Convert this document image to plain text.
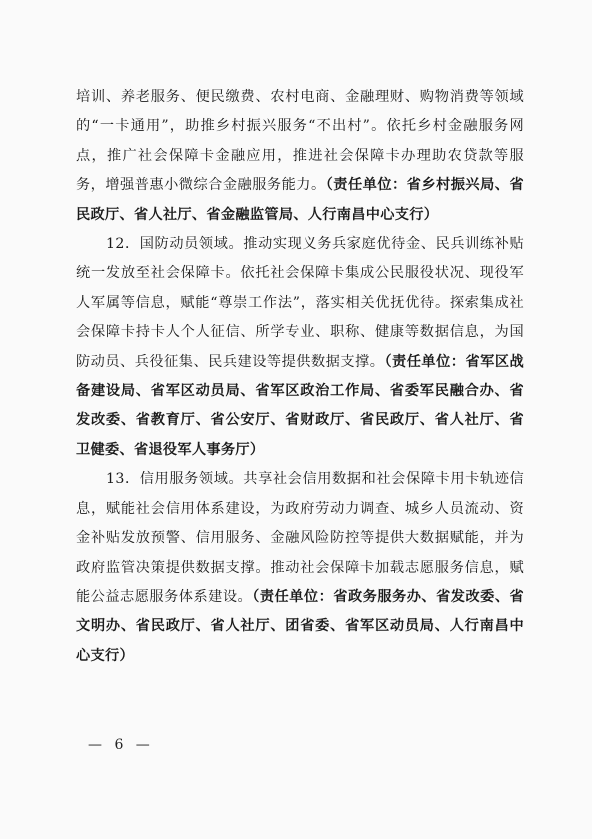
培训、养老服务、便民缴费、农村电商、金融理财、购物消费等领域的“一卡通用”，助推乡村振兴服务“不出村”。依托乡村金融服务网点，推广社会保障卡金融应用，推进社会保障卡办理助农贷款等服务，增强普惠小微综合金融服务能力。（责任单位：省乡村振兴局、省民政厅、省人社厅、省金融监管局、人行南昌中心支行）

12．国防动员领域。推动实现义务兵家庭优待金、民兵训练补贴统一发放至社会保障卡。依托社会保障卡集成公民服役状况、现役军人军属等信息，赋能“尊崇工作法”，落实相关优抚优待。探索集成社会保障卡持卡人个人征信、所学专业、职称、健康等数据信息，为国防动员、兵役征集、民兵建设等提供数据支撑。（责任单位：省军区战备建设局、省军区动员局、省军区政治工作局、省委军民融合办、省发改委、省教育厅、省公安厅、省财政厅、省民政厅、省人社厅、省卫健委、省退役军人事务厅）

13．信用服务领域。共享社会信用数据和社会保障卡用卡轨迹信息，赋能社会信用体系建设，为政府劳动力调查、城乡人员流动、资金补贴发放预警、信用服务、金融风险防控等提供大数据赋能，并为政府监管决策提供数据支撑。推动社会保障卡加载志愿服务信息，赋能公益志愿服务体系建设。（责任单位：省政务服务办、省发改委、省文明办、省民政厅、省人社厅、团省委、省军区动员局、人行南昌中心支行）

— 6 —
